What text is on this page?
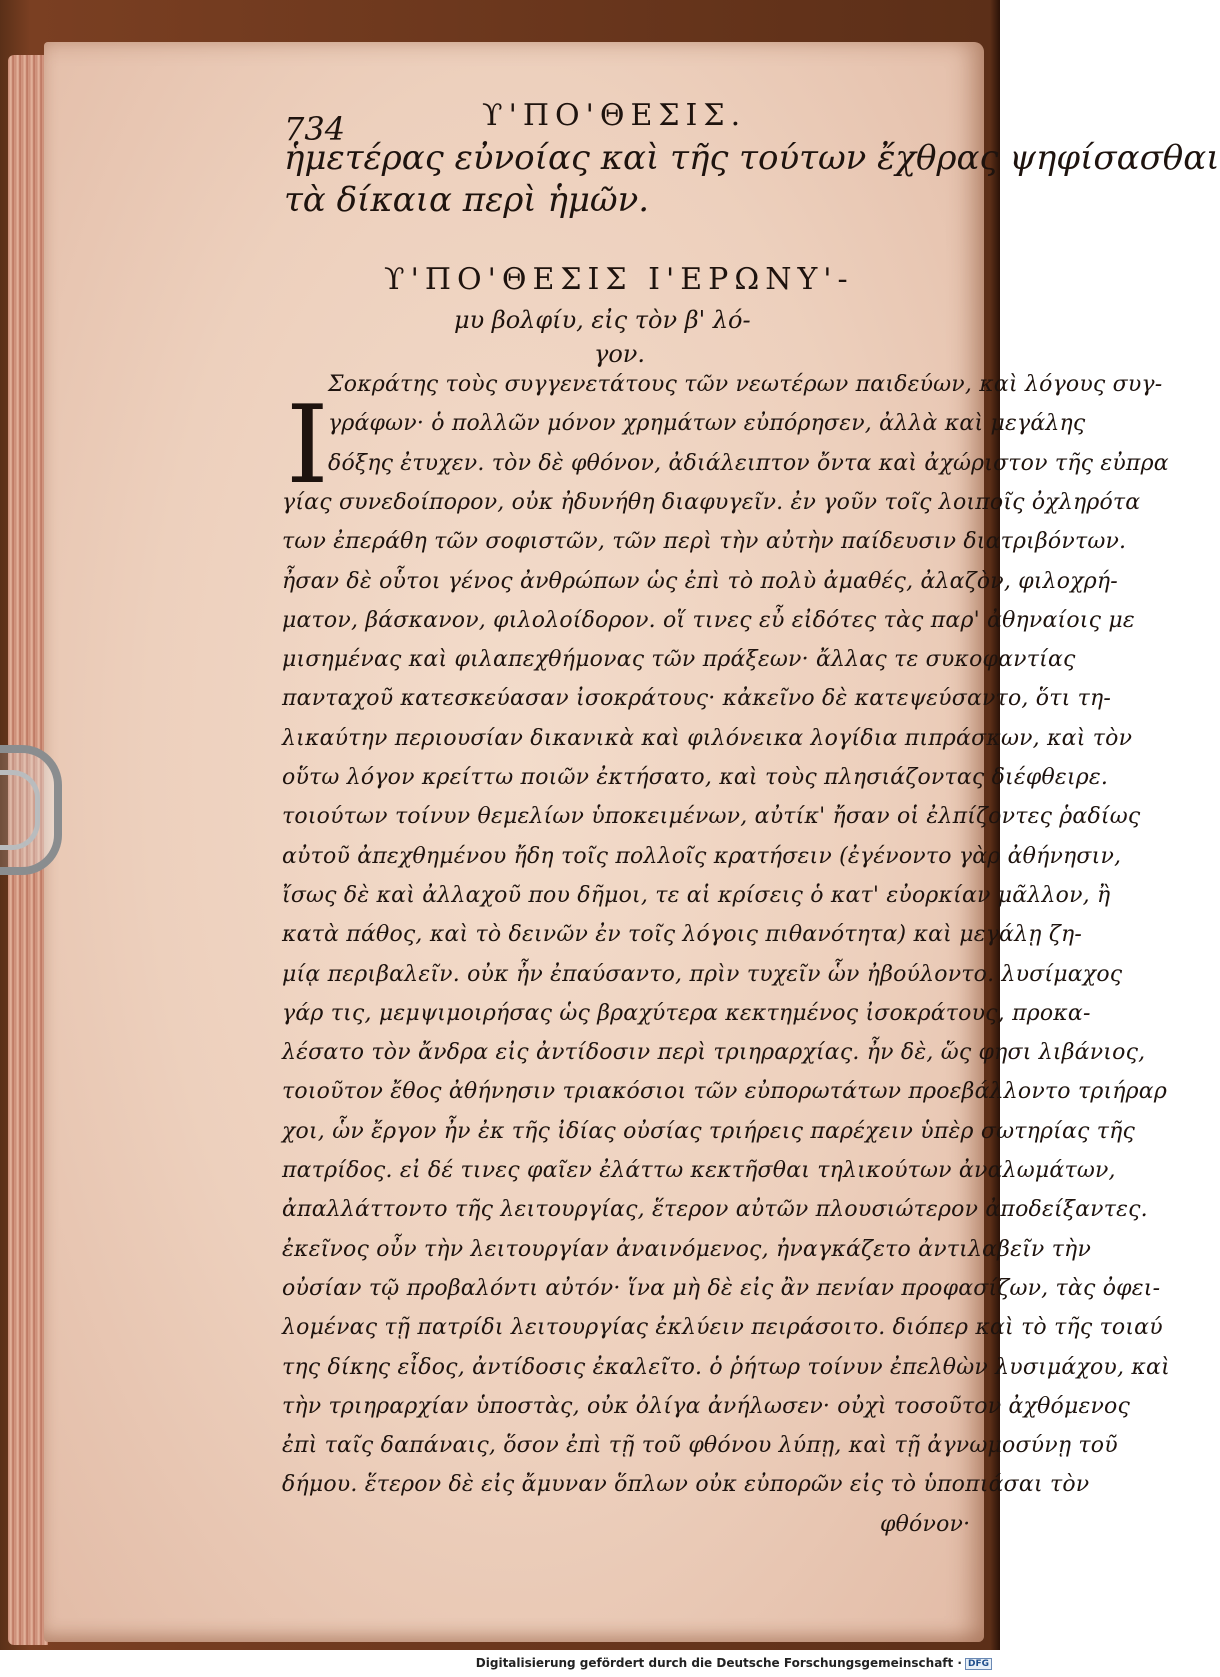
734	ϒ'ΠΟ'ΘΕΣΙΣ.
ἡμετέρας εὐνοίας καὶ τῆς τούτων ἔχθρας ψηφίσασθαι
τὰ δίκαια περὶ ἡμῶν.
ϒ'ΠΟ'ΘΕΣΙΣ Ι'ΕΡΩΝΥ'-
μυ βολφίυ, εἰς τὸν β' λό-
γον.
I Σοκράτης τοὺς συγγενετάτους τῶν νεωτέρων παιδεύων, καὶ λόγους συγ-
γράφων· ὁ πολλῶν μόνον χρημάτων εὐπόρησεν, ἀλλὰ καὶ μεγάλης
δόξης ἐτυχεν. τὸν δὲ φθόνον, ἀδιάλειπτον ὄντα καὶ ἀχώριστον τῆς εὐπρα
γίας συνεδοίπορον, οὐκ ἠδυνήθη διαφυγεῖν. ἐν γοῦν τοῖς λοιποῖς ὀχληρότα
των ἐπεράθη τῶν σοφιστῶν, τῶν περὶ τὴν αὐτὴν παίδευσιν διατριβόντων.
ἦσαν δὲ οὗτοι γένος ἀνθρώπων ὡς ἐπὶ τὸ πολὺ ἀμαθές, ἀλαζὸν, φιλοχρή-
ματον, βάσκανον, φιλολοίδορον. οἵ τινες εὖ εἰδότες τὰς παρ' ἀθηναίοις με
μισημένας καὶ φιλαπεχθήμονας τῶν πράξεων· ἄλλας τε συκοφαντίας
πανταχοῦ κατεσκεύασαν ἰσοκράτους· κἀκεῖνο δὲ κατεψεύσαντο, ὅτι τη-
λικαύτην περιουσίαν δικανικὰ καὶ φιλόνεικα λογίδια πιπράσκων, καὶ τὸν
οὕτω λόγον κρείττω ποιῶν ἐκτήσατο, καὶ τοὺς πλησιάζοντας διέφθειρε.
τοιούτων τοίνυν θεμελίων ὑποκειμένων, αὐτίκ' ἤσαν οἱ ἐλπίζοντες ῥαδίως
αὐτοῦ ἀπεχθημένου ἤδη τοῖς πολλοῖς κρατήσειν (ἐγένοντο γὰρ ἀθήνησιν,
ἴσως δὲ καὶ ἀλλαχοῦ που δῆμοι, τε αἱ κρίσεις ὁ κατ' εὐορκίαν μᾶλλον, ἢ
κατὰ πάθος, καὶ τὸ δεινῶν ἐν τοῖς λόγοις πιθανότητα) καὶ μεγάλῃ ζη-
μίᾳ περιβαλεῖν. οὐκ ἦν ἐπαύσαντο, πρὶν τυχεῖν ὧν ἠβούλοντο. λυσίμαχος
γάρ τις, μεμψιμοιρήσας ὡς βραχύτερα κεκτημένος ἰσοκράτους, προκα-
λέσατο τὸν ἄνδρα εἰς ἀντίδοσιν περὶ τριηραρχίας. ἦν δὲ, ὥς φησι λιβάνιος,
τοιοῦτον ἔθος ἀθήνησιν τριακόσιοι τῶν εὐπορωτάτων προεβάλλοντο τριήραρ
χοι, ὧν ἔργον ἦν ἐκ τῆς ἰδίας οὐσίας τριήρεις παρέχειν ὑπὲρ σωτηρίας τῆς
πατρίδος. εἰ δέ τινες φαῖεν ἐλάττω κεκτῆσθαι τηλικούτων ἀναλωμάτων,
ἀπαλλάττοντο τῆς λειτουργίας, ἕτερον αὐτῶν πλουσιώτερον ἀποδείξαντες.
ἐκεῖνος οὖν τὴν λειτουργίαν ἀναινόμενος, ἠναγκάζετο ἀντιλαβεῖν τὴν
οὐσίαν τῷ προβαλόντι αὐτόν· ἵνα μὴ δὲ εἰς ἂν πενίαν προφασίζων, τὰς ὀφει-
λομένας τῇ πατρίδι λειτουργίας ἐκλύειν πειράσοιτο. διόπερ καὶ τὸ τῆς τοιαύ
της δίκης εἶδος, ἀντίδοσις ἐκαλεῖτο. ὁ ῥήτωρ τοίνυν ἐπελθὼν λυσιμάχου, καὶ
τὴν τριηραρχίαν ὑποστὰς, οὐκ ὀλίγα ἀνήλωσεν· οὐχὶ τοσοῦτον ἀχθόμενος
ἐπὶ ταῖς δαπάναις, ὅσον ἐπὶ τῇ τοῦ φθόνου λύπῃ, καὶ τῇ ἀγνωμοσύνῃ τοῦ
δήμου. ἕτερον δὲ εἰς ἄμυναν ὅπλων οὐκ εὐπορῶν εἰς τὸ ὑποπιάσαι τὸν
φθόνον·
Digitalisierung gefördert durch die Deutsche Forschungsgemeinschaft · DFG
